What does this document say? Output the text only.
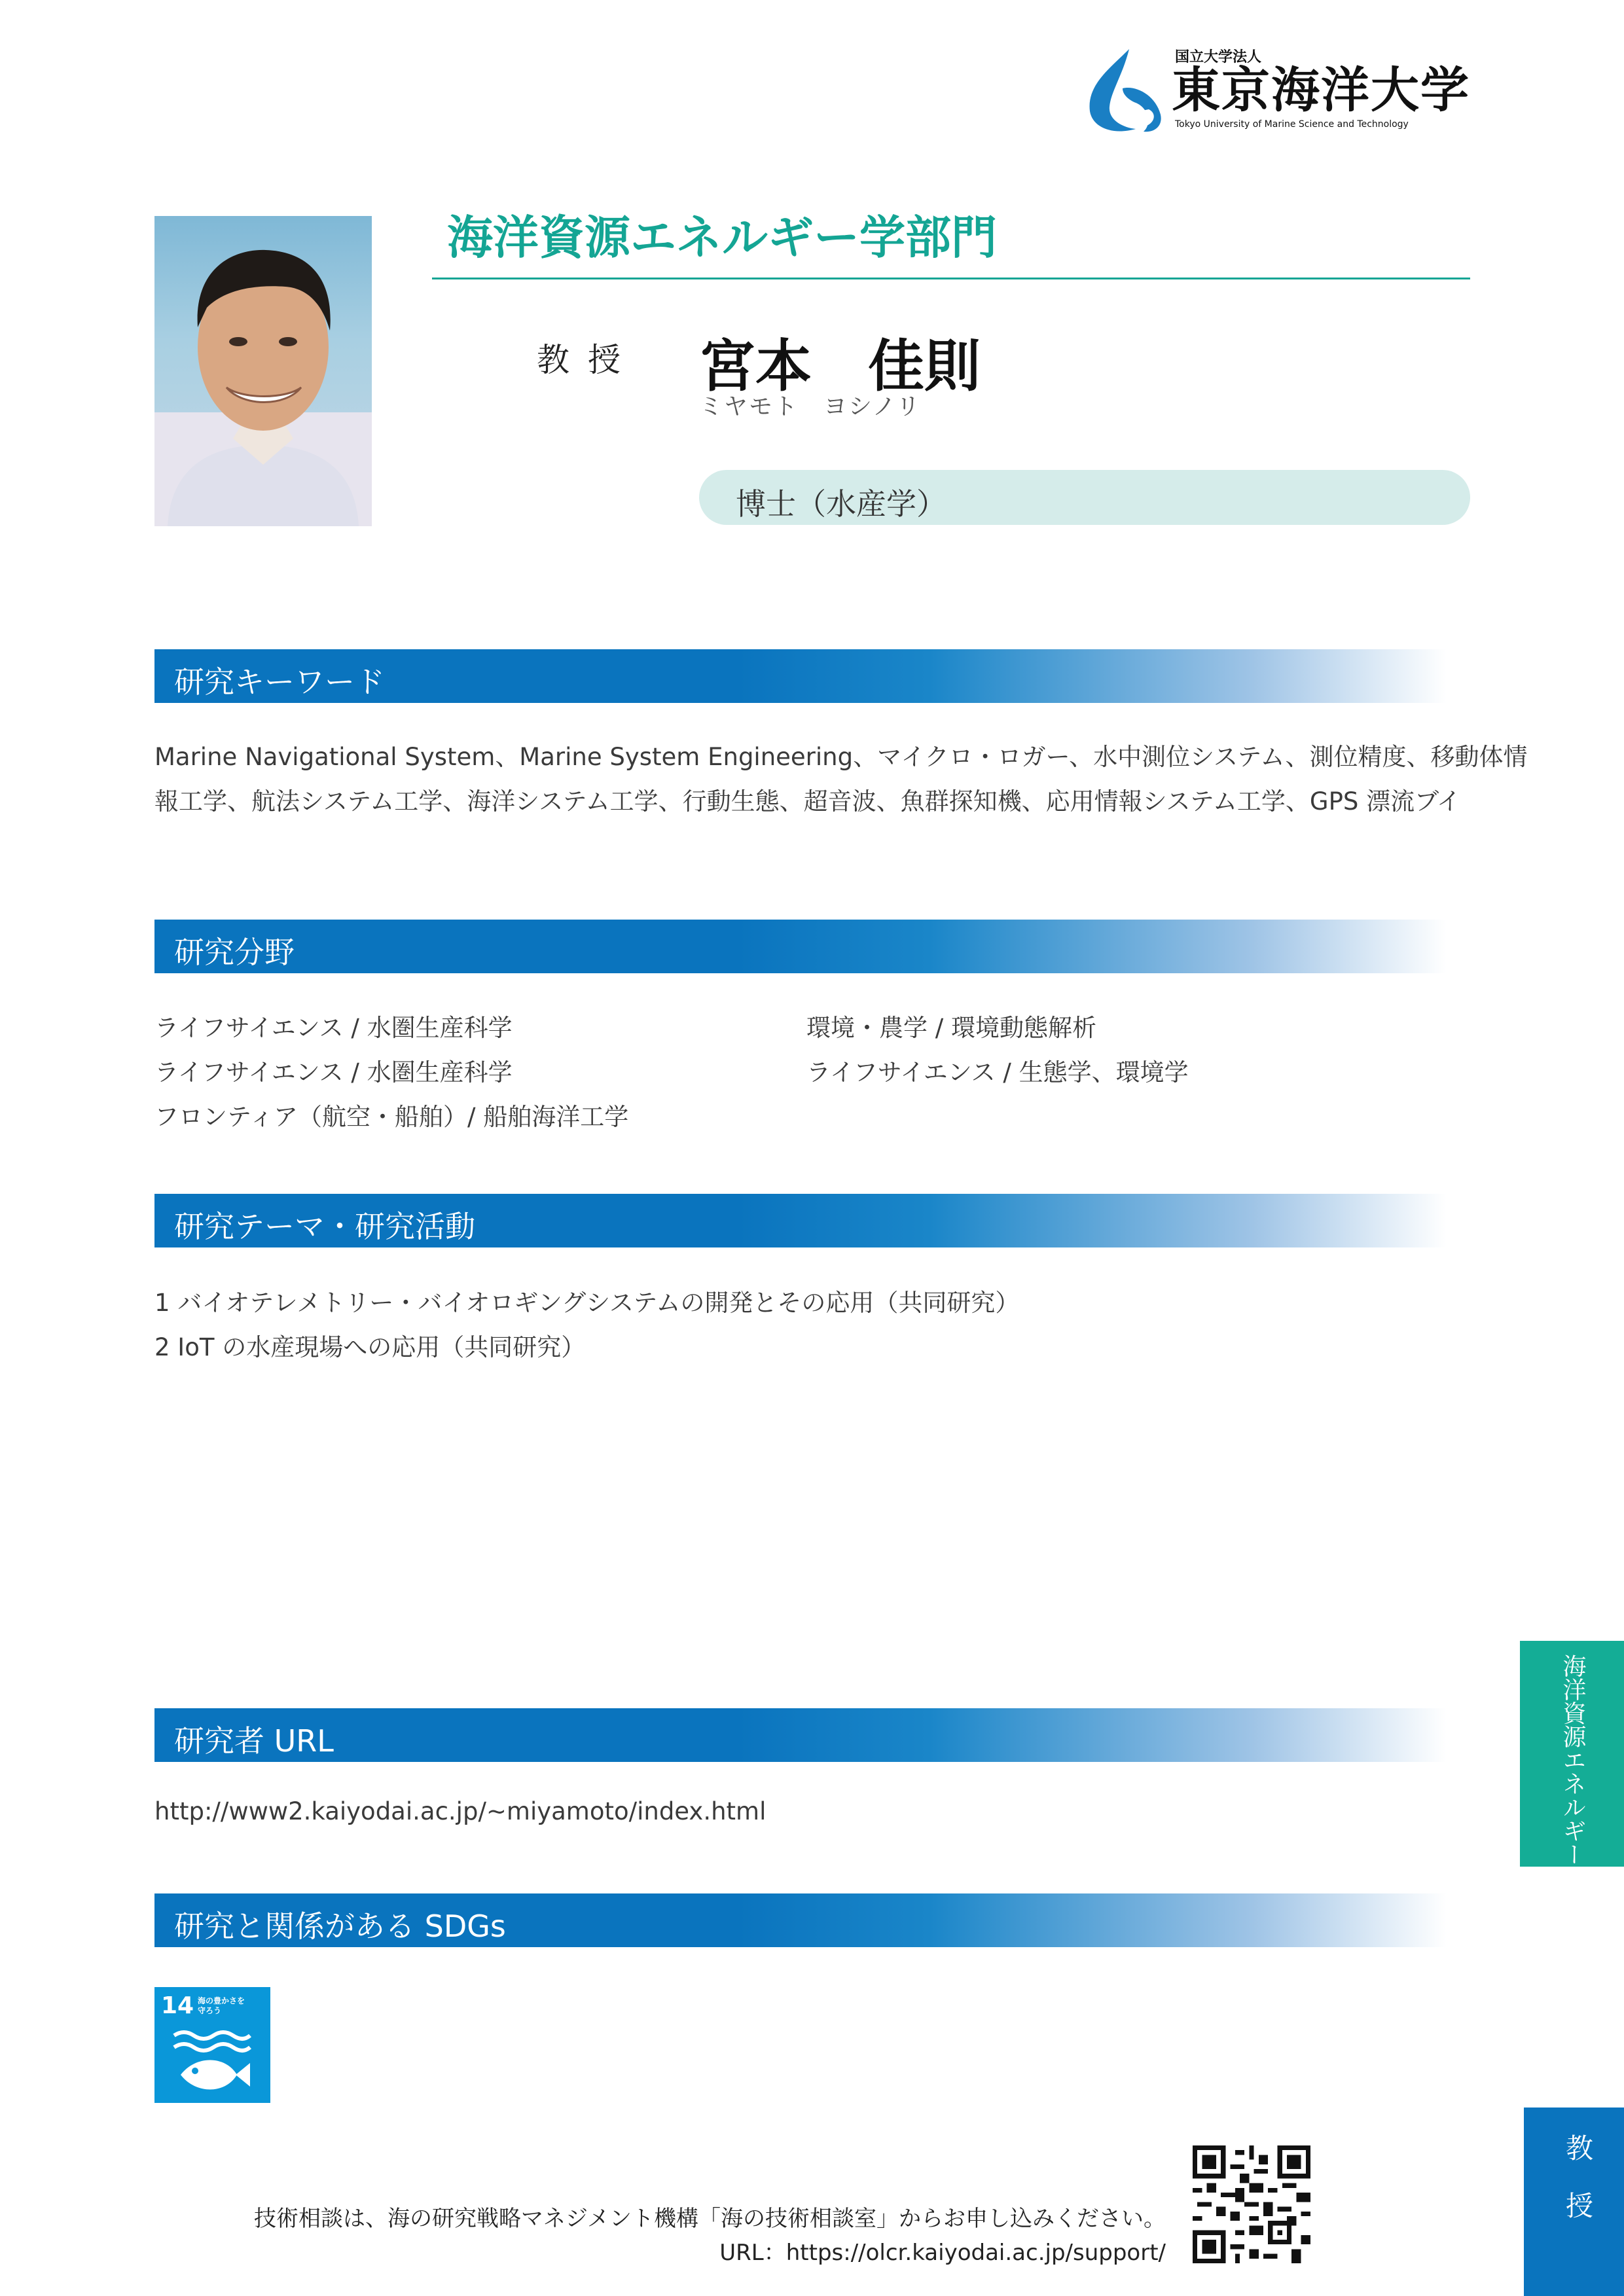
国立大学法人
東京海洋大学
Tokyo University of Marine Science and Technology
海洋資源エネルギー学部門
教授 宮本　佳則
ミヤモト　ヨシノリ
博士（水産学）
研究キーワード
Marine Navigational System、Marine System Engineering、マイクロ・ロガー、水中測位システム、測位精度、移動体情
報工学、航法システム工学、海洋システム工学、行動生態、超音波、魚群探知機、応用情報システム工学、GPS 漂流ブイ
研究分野
ライフサイエンス / 水圏生産科学
ライフサイエンス / 水圏生産科学
フロンティア（航空・船舶）/ 船舶海洋工学
環境・農学 / 環境動態解析
ライフサイエンス / 生態学、環境学
研究テーマ・研究活動
1 バイオテレメトリー・バイオロギングシステムの開発とその応用（共同研究）
2 IoT の水産現場への応用（共同研究）
研究者 URL
http://www2.kaiyodai.ac.jp/~miyamoto/index.html
研究と関係がある SDGs
14 海の豊かさを
守ろう
海洋資源エネルギー学
教授
技術相談は、海の研究戦略マネジメント機構「海の技術相談室」からお申し込みください。
URL：https://olcr.kaiyodai.ac.jp/support/
